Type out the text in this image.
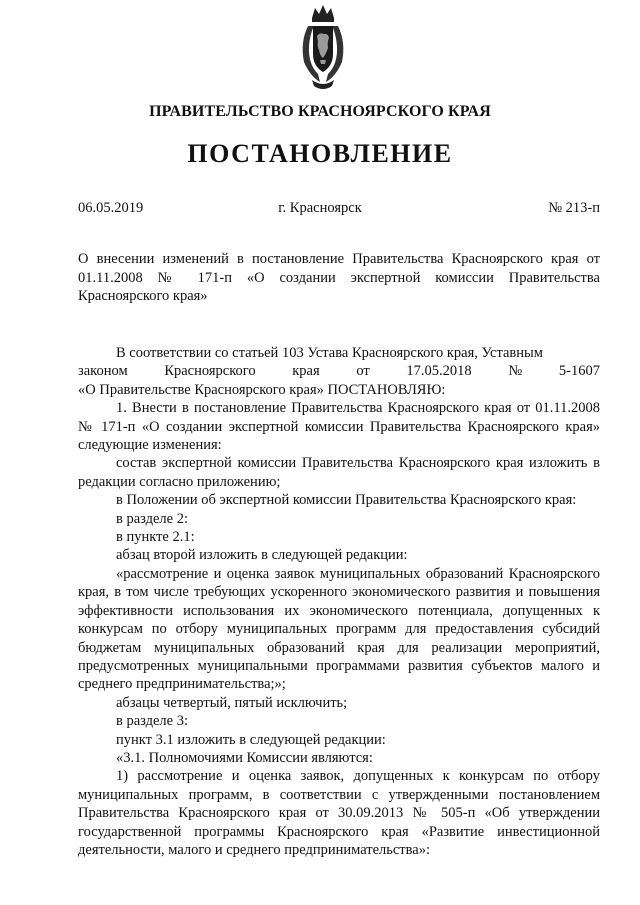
ПРАВИТЕЛЬСТВО КРАСНОЯРСКОГО КРАЯ
ПОСТАНОВЛЕНИЕ
06.05.2019	г. Красноярск	№ 213-п
О внесении изменений в постановление Правительства Красноярского края от 01.11.2008 № 171-п «О создании экспертной комиссии Правительства Красноярского края»

В соответствии со статьей 103 Устава Красноярского края, Уставным

законом	Красноярского	края	от	17.05.2018	№	5-1607
«О Правительстве Красноярского края» ПОСТАНОВЛЯЮ:

1. Внести в постановление Правительства Красноярского края от 01.11.2008 № 171-п «О создании экспертной комиссии Правительства Красноярского края» следующие изменения:

состав экспертной комиссии Правительства Красноярского края изложить в редакции согласно приложению;

в Положении об экспертной комиссии Правительства Красноярского края:

в разделе 2:

в пункте 2.1:

абзац второй изложить в следующей редакции:

«рассмотрение и оценка заявок муниципальных образований Красноярского края, в том числе требующих ускоренного экономического развития и повышения эффективности использования их экономического потенциала, допущенных к конкурсам по отбору муниципальных программ для предоставления субсидий бюджетам муниципальных образований края для реализации мероприятий, предусмотренных муниципальными программами развития субъектов малого и среднего предпринимательства;»;

абзацы четвертый, пятый исключить;

в разделе 3:

пункт 3.1 изложить в следующей редакции:

«3.1. Полномочиями Комиссии являются:

1) рассмотрение и оценка заявок, допущенных к конкурсам по отбору муниципальных программ, в соответствии с утвержденными постановлением Правительства Красноярского края от 30.09.2013 № 505-п «Об утверждении государственной программы Красноярского края «Развитие инвестиционной деятельности, малого и среднего предпринимательства»:
